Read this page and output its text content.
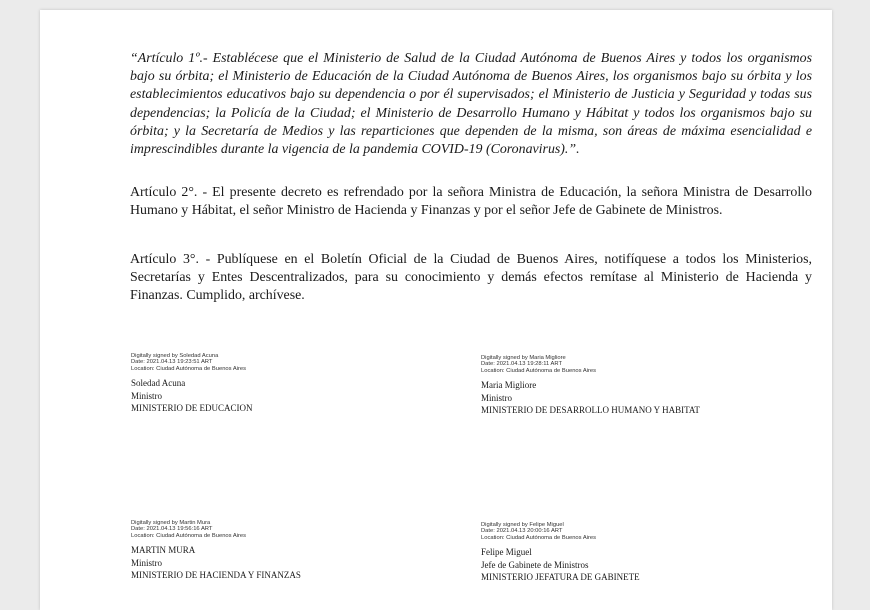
“Artículo 1º.- Establécese que el Ministerio de Salud de la Ciudad Autónoma de Buenos Aires y todos los organismos bajo su órbita; el Ministerio de Educación de la Ciudad Autónoma de Buenos Aires, los organismos bajo su órbita y los establecimientos educativos bajo su dependencia o por él supervisados; el Ministerio de Justicia y Seguridad y todas sus dependencias; la Policía de la Ciudad; el Ministerio de Desarrollo Humano y Hábitat y todos los organismos bajo su órbita; y la Secretaría de Medios y las reparticiones que dependen de la misma, son áreas de máxima esencialidad e imprescindibles durante la vigencia de la pandemia COVID-19 (Coronavirus).”.

Artículo 2°. - El presente decreto es refrendado por la señora Ministra de Educación, la señora Ministra de Desarrollo Humano y Hábitat, el señor Ministro de Hacienda y Finanzas y por el señor Jefe de Gabinete de Ministros.

Artículo 3°. - Publíquese en el Boletín Oficial de la Ciudad de Buenos Aires, notifíquese a todos los Ministerios, Secretarías y Entes Descentralizados, para su conocimiento y demás efectos remítase al Ministerio de Hacienda y Finanzas. Cumplido, archívese.

Digitally signed by Soledad Acuna
Date: 2021.04.13 19:23:51 ART
Location: Ciudad Autónoma de Buenos Aires
Soledad Acuna
Ministro
MINISTERIO DE EDUCACION
Digitally signed by Maria Migliore
Date: 2021.04.13 19:28:11 ART
Location: Ciudad Autónoma de Buenos Aires
Maria Migliore
Ministro
MINISTERIO DE DESARROLLO HUMANO Y HABITAT
Digitally signed by Martin Mura
Date: 2021.04.13 19:56:16 ART
Location: Ciudad Autónoma de Buenos Aires
MARTIN MURA
Ministro
MINISTERIO DE HACIENDA Y FINANZAS
Digitally signed by Felipe Miguel
Date: 2021.04.13 20:00:16 ART
Location: Ciudad Autónoma de Buenos Aires
Felipe Miguel
Jefe de Gabinete de Ministros
MINISTERIO JEFATURA DE GABINETE
